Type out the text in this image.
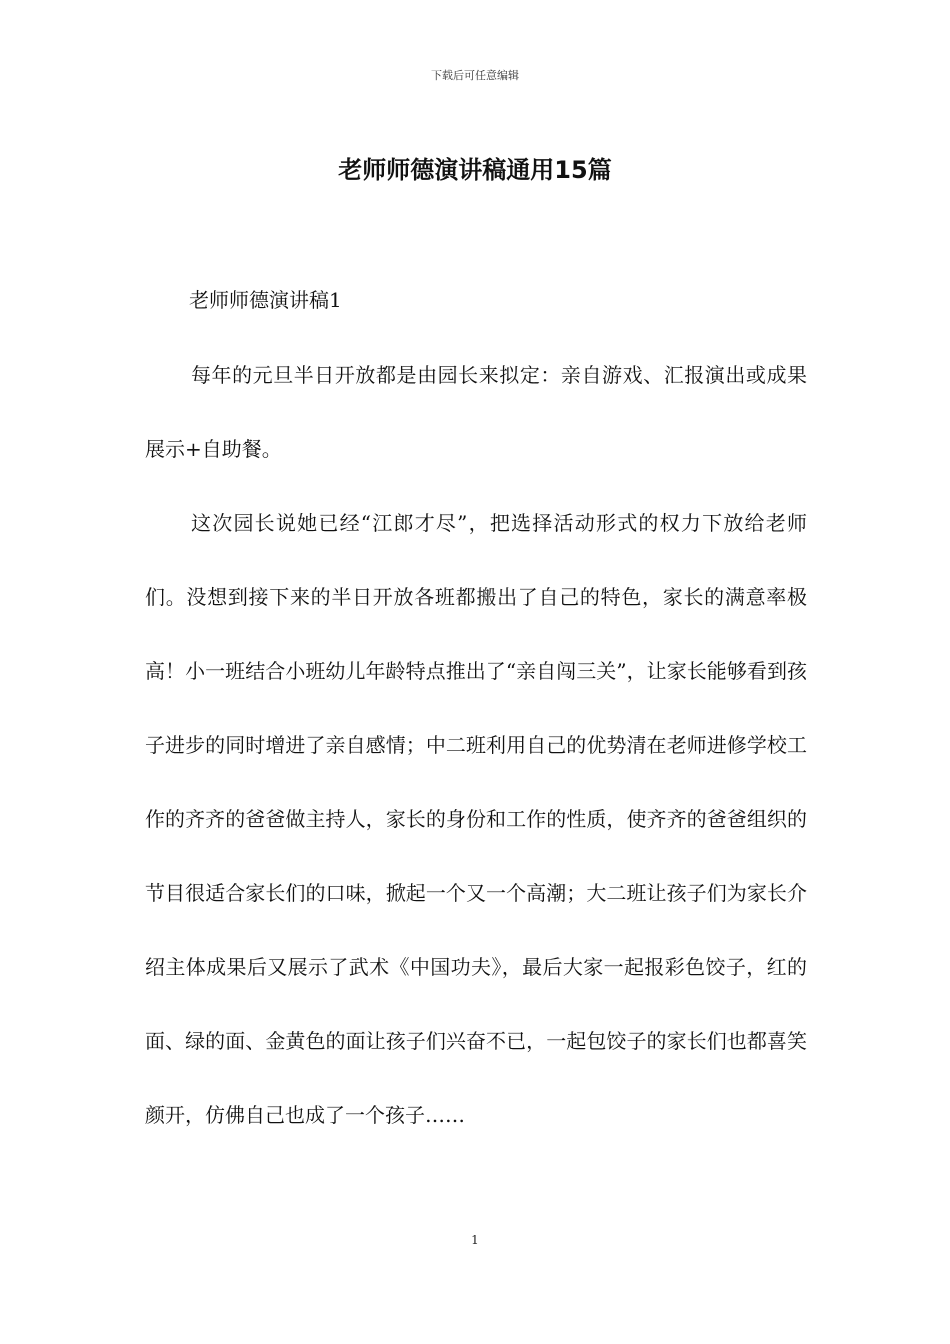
下载后可任意编辑
老师师德演讲稿通用15篇

老师师德演讲稿1

每年的元旦半日开放都是由园长来拟定：亲自游戏、汇报演出或成果展示+自助餐。

这次园长说她已经“江郎才尽”，把选择活动形式的权力下放给老师们。没想到接下来的半日开放各班都搬出了自己的特色，家长的满意率极高！小一班结合小班幼儿年龄特点推出了“亲自闯三关”，让家长能够看到孩子进步的同时增进了亲自感情；中二班利用自己的优势清在老师进修学校工作的齐齐的爸爸做主持人，家长的身份和工作的性质，使齐齐的爸爸组织的节目很适合家长们的口味，掀起一个又一个高潮；大二班让孩子们为家长介绍主体成果后又展示了武术《中国功夫》，最后大家一起报彩色饺子，红的面、绿的面、金黄色的面让孩子们兴奋不已，一起包饺子的家长们也都喜笑颜开，仿佛自己也成了一个孩子……

1
